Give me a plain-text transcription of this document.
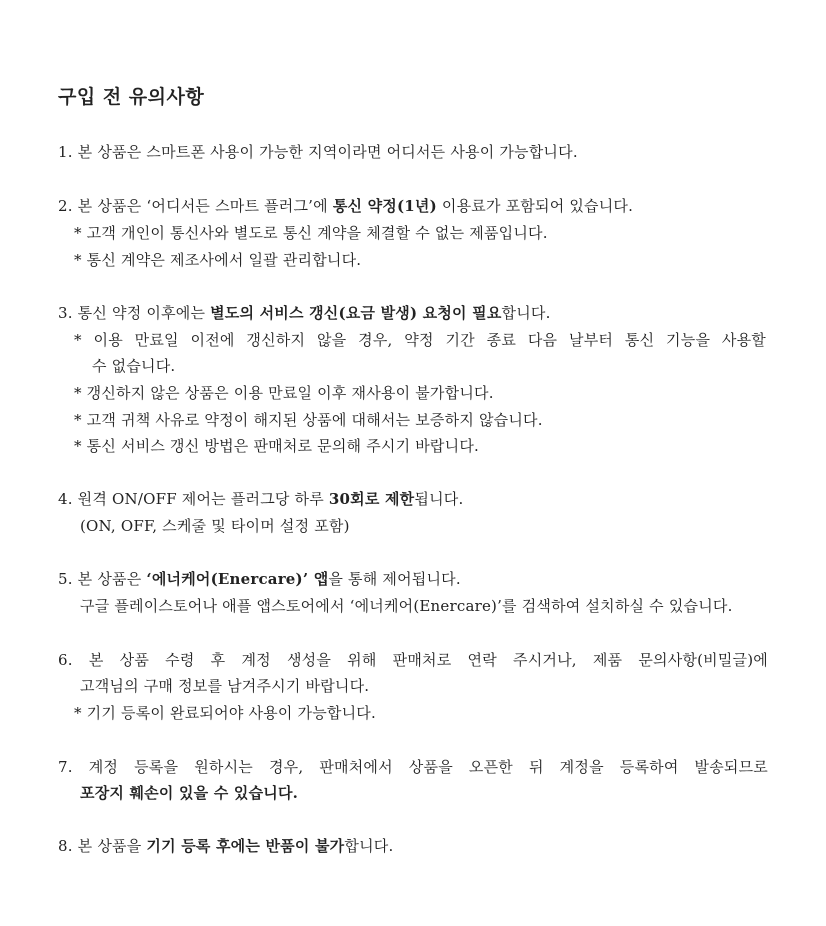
구입 전 유의사항
1. 본 상품은 스마트폰 사용이 가능한 지역이라면 어디서든 사용이 가능합니다.
2. 본 상품은 ‘어디서든 스마트 플러그’에 통신 약정(1년) 이용료가 포함되어 있습니다.
* 고객 개인이 통신사와 별도로 통신 계약을 체결할 수 없는 제품입니다.
* 통신 계약은 제조사에서 일괄 관리합니다.
3. 통신 약정 이후에는 별도의 서비스 갱신(요금 발생) 요청이 필요합니다.
* 이용 만료일 이전에 갱신하지 않을 경우, 약정 기간 종료 다음 날부터 통신 기능을 사용할
수 없습니다.
* 갱신하지 않은 상품은 이용 만료일 이후 재사용이 불가합니다.
* 고객 귀책 사유로 약정이 해지된 상품에 대해서는 보증하지 않습니다.
* 통신 서비스 갱신 방법은 판매처로 문의해 주시기 바랍니다.
4. 원격 ON/OFF 제어는 플러그당 하루 30회로 제한됩니다.
(ON, OFF, 스케줄 및 타이머 설정 포함)
5. 본 상품은 ‘에너케어(Enercare)’ 앱을 통해 제어됩니다.
구글 플레이스토어나 애플 앱스토어에서 ‘에너케어(Enercare)’를 검색하여 설치하실 수 있습니다.
6. 본 상품 수령 후 계정 생성을 위해 판매처로 연락 주시거나, 제품 문의사항(비밀글)에
고객님의 구매 정보를 남겨주시기 바랍니다.
* 기기 등록이 완료되어야 사용이 가능합니다.
7. 계정 등록을 원하시는 경우, 판매처에서 상품을 오픈한 뒤 계정을 등록하여 발송되므로
포장지 훼손이 있을 수 있습니다.
8. 본 상품을 기기 등록 후에는 반품이 불가합니다.
